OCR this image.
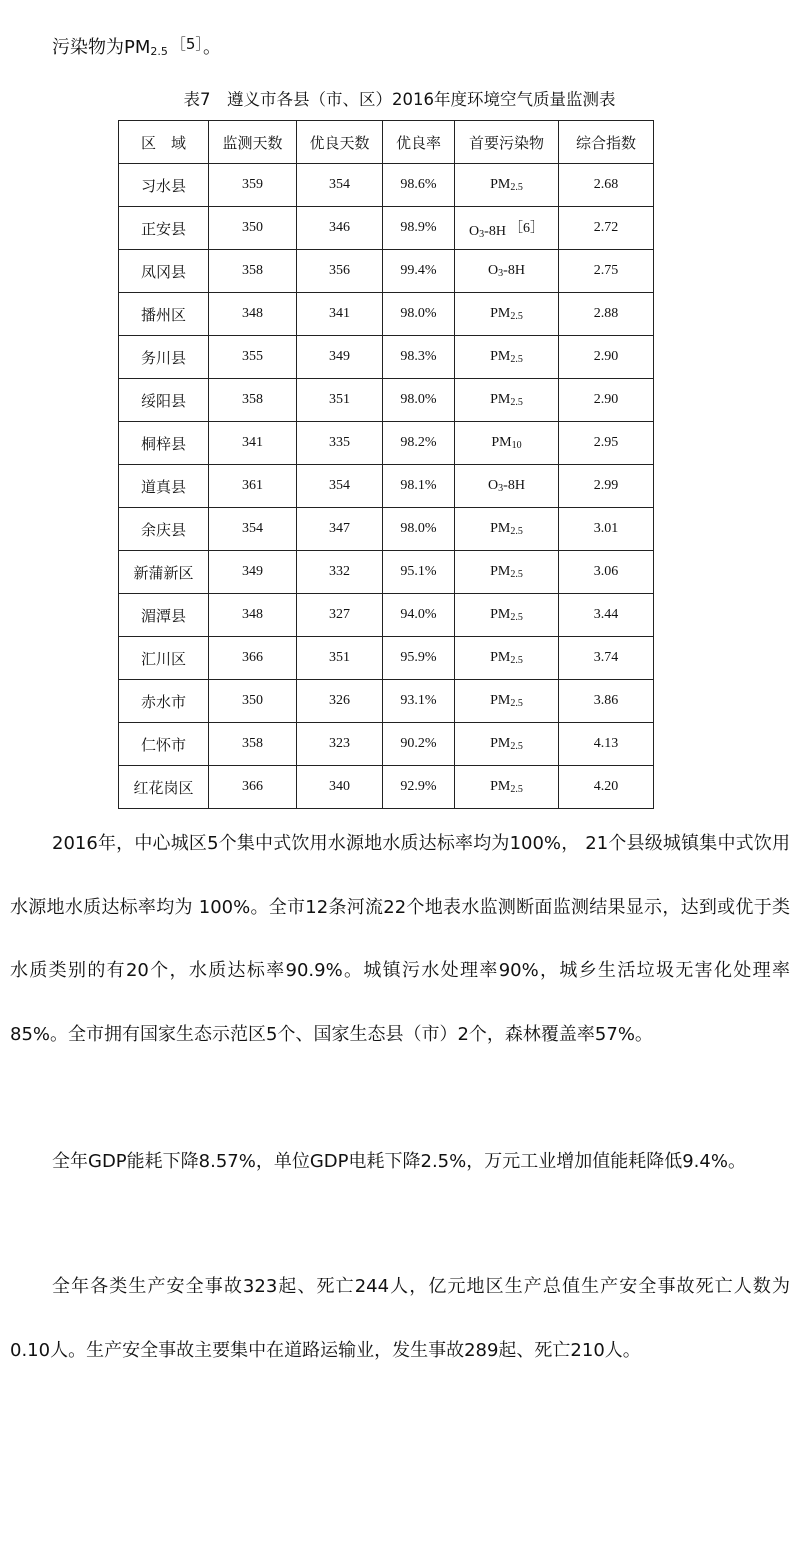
污染物为$PM_{2.5}$ $^{[5]}$。

表7　遵义市各县（市、区）2016年度环境空气质量监测表

区　域	监测天数	优良天数	优良率	首要污染物	综合指数
习水县	359	354	98.6%	$PM_{2.5}$	2.68
正安县	350	346	98.9%	$O_3-8H$ ［6］	2.72
凤冈县	358	356	99.4%	$O_3-8H$	2.75
播州区	348	341	98.0%	$PM_{2.5}$	2.88
务川县	355	349	98.3%	$PM_{2.5}$	2.90
绥阳县	358	351	98.0%	$PM_{2.5}$	2.90
桐梓县	341	335	98.2%	$PM_{10}$	2.95
道真县	361	354	98.1%	$O_3-8H$	2.99
余庆县	354	347	98.0%	$PM_{2.5}$	3.01
新蒲新区	349	332	95.1%	$PM_{2.5}$	3.06
湄潭县	348	327	94.0%	$PM_{2.5}$	3.44
汇川区	366	351	95.9%	$PM_{2.5}$	3.74
赤水市	350	326	93.1%	$PM_{2.5}$	3.86
仁怀市	358	323	90.2%	$PM_{2.5}$	4.13
红花岗区	366	340	92.9%	$PM_{2.5}$	4.20

2016年，中心城区5个集中式饮用水源地水质达标率均为100%， 21个县级城镇集中式饮用水源地水质达标率均为 100%。全市12条河流22个地表水监测断面监测结果显示，达到或优于类水质类别的有20个，水质达标率90.9%。城镇污水处理率90%，城乡生活垃圾无害化处理率85%。全市拥有国家生态示范区5个、国家生态县（市）2个，森林覆盖率57%。

全年GDP能耗下降8.57%，单位GDP电耗下降2.5%，万元工业增加值能耗降低9.4%。

全年各类生产安全事故323起、死亡244人，亿元地区生产总值生产安全事故死亡人数为0.10人。生产安全事故主要集中在道路运输业，发生事故289起、死亡210人。
